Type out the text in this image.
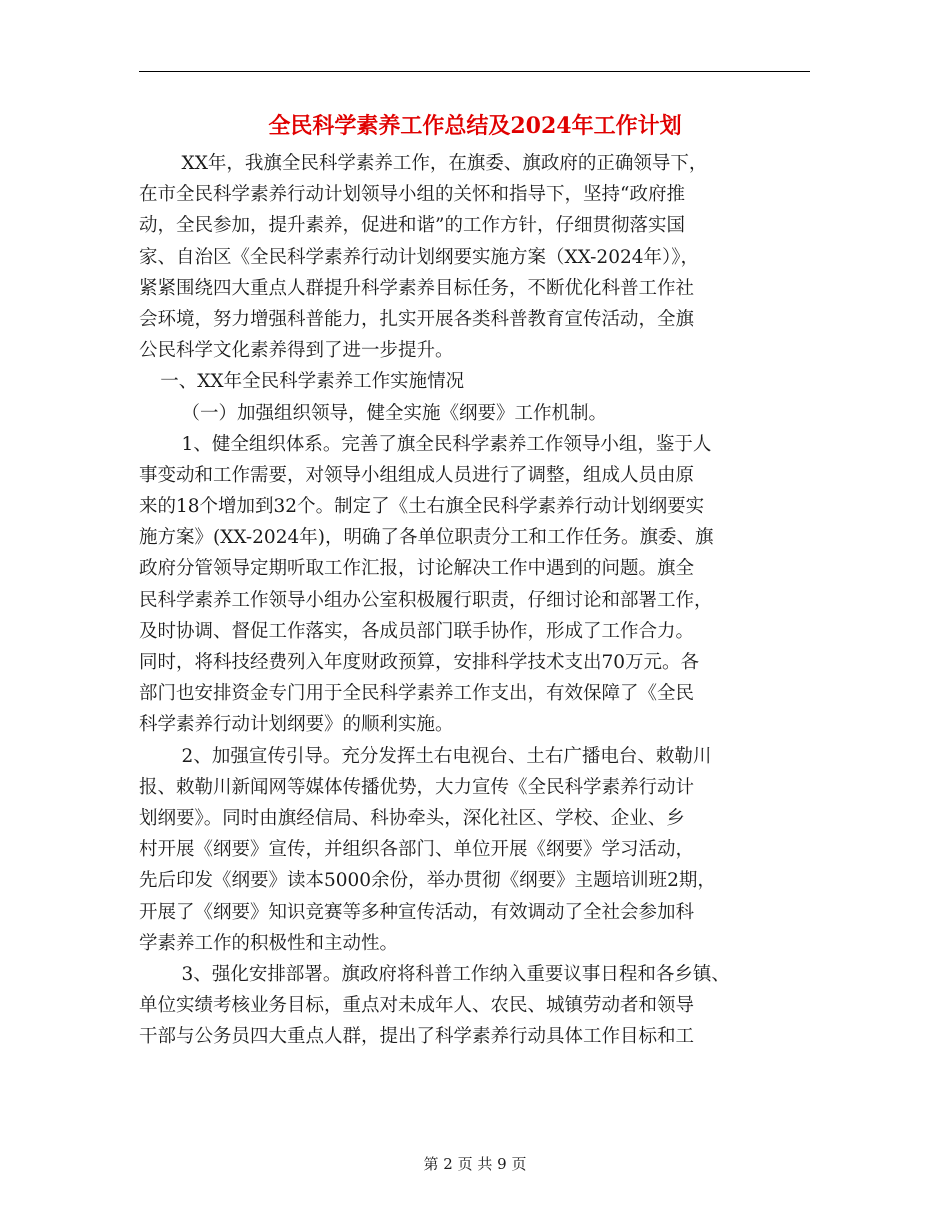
全民科学素养工作总结及2024年工作计划
XX年，我旗全民科学素养工作，在旗委、旗政府的正确领导下，
在市全民科学素养行动计划领导小组的关怀和指导下，坚持“政府推
动，全民参加，提升素养，促进和谐”的工作方针，仔细贯彻落实国
家、自治区《全民科学素养行动计划纲要实施方案（XX-2024年）》，
紧紧围绕四大重点人群提升科学素养目标任务，不断优化科普工作社
会环境，努力增强科普能力，扎实开展各类科普教育宣传活动，全旗
公民科学文化素养得到了进一步提升。
一、XX年全民科学素养工作实施情况
（一）加强组织领导，健全实施《纲要》工作机制。
1、健全组织体系。完善了旗全民科学素养工作领导小组，鉴于人
事变动和工作需要，对领导小组组成人员进行了调整，组成人员由原
来的18个增加到32个。制定了《土右旗全民科学素养行动计划纲要实
施方案》(XX-2024年)，明确了各单位职责分工和工作任务。旗委、旗
政府分管领导定期听取工作汇报，讨论解决工作中遇到的问题。旗全
民科学素养工作领导小组办公室积极履行职责，仔细讨论和部署工作，
及时协调、督促工作落实，各成员部门联手协作，形成了工作合力。
同时，将科技经费列入年度财政预算，安排科学技术支出70万元。各
部门也安排资金专门用于全民科学素养工作支出，有效保障了《全民
科学素养行动计划纲要》的顺利实施。
2、加强宣传引导。充分发挥土右电视台、土右广播电台、敕勒川
报、敕勒川新闻网等媒体传播优势，大力宣传《全民科学素养行动计
划纲要》。同时由旗经信局、科协牵头，深化社区、学校、企业、乡
村开展《纲要》宣传，并组织各部门、单位开展《纲要》学习活动，
先后印发《纲要》读本5000余份，举办贯彻《纲要》主题培训班2期，
开展了《纲要》知识竞赛等多种宣传活动，有效调动了全社会参加科
学素养工作的积极性和主动性。
3、强化安排部署。旗政府将科普工作纳入重要议事日程和各乡镇、
单位实绩考核业务目标，重点对未成年人、农民、城镇劳动者和领导
干部与公务员四大重点人群，提出了科学素养行动具体工作目标和工
第 2 页 共 9 页
